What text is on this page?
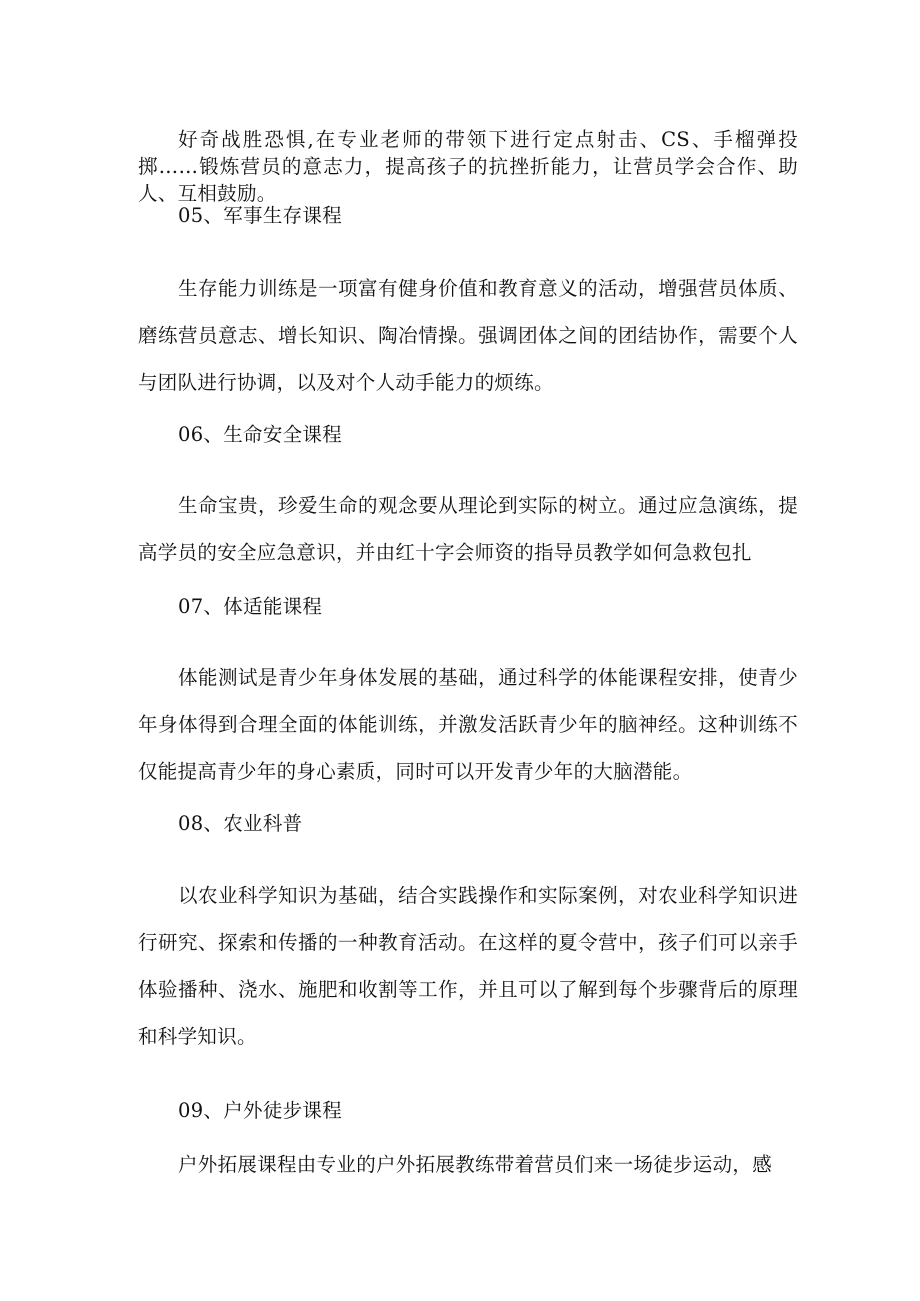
好奇战胜恐惧,在专业老师的带领下进行定点射击、CS、手榴弹投掷……锻炼营员的意志力，提高孩子的抗挫折能力，让营员学会合作、助人、互相鼓励。

05、军事生存课程

生存能力训练是一项富有健身价值和教育意义的活动，增强营员体质、磨练营员意志、增长知识、陶冶情操。强调团体之间的团结协作，需要个人与团队进行协调，以及对个人动手能力的烦练。

06、生命安全课程

生命宝贵，珍爱生命的观念要从理论到实际的树立。通过应急演练，提高学员的安全应急意识，并由红十字会师资的指导员教学如何急救包扎

07、体适能课程

体能测试是青少年身体发展的基础，通过科学的体能课程安排，使青少年身体得到合理全面的体能训练，并激发活跃青少年的脑神经。这种训练不仅能提高青少年的身心素质，同时可以开发青少年的大脑潜能。

08、农业科普

以农业科学知识为基础，结合实践操作和实际案例，对农业科学知识进行研究、探索和传播的一种教育活动。在这样的夏令营中，孩子们可以亲手体验播种、浇水、施肥和收割等工作，并且可以了解到每个步骤背后的原理和科学知识。

09、户外徒步课程

户外拓展课程由专业的户外拓展教练带着营员们来一场徒步运动，感
